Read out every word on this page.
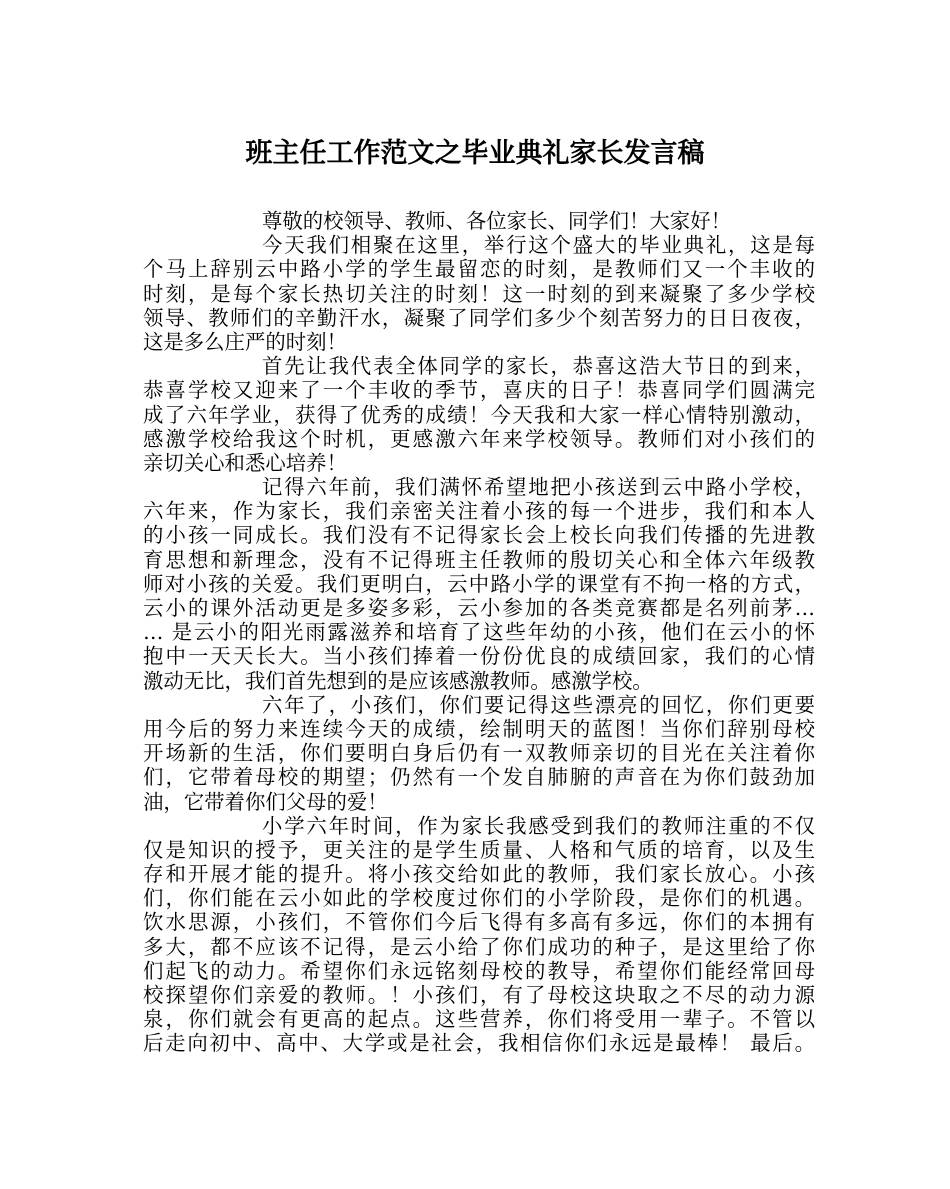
班主任工作范文之毕业典礼家长发言稿
尊敬的校领导、教师、各位家长、同学们！大家好！
今天我们相聚在这里，举行这个盛大的毕业典礼，这是每
个马上辞别云中路小学的学生最留恋的时刻，是教师们又一个丰收的
时刻，是每个家长热切关注的时刻！这一时刻的到来凝聚了多少学校
领导、教师们的辛勤汗水，凝聚了同学们多少个刻苦努力的日日夜夜，
这是多么庄严的时刻！
首先让我代表全体同学的家长，恭喜这浩大节日的到来，
恭喜学校又迎来了一个丰收的季节，喜庆的日子！恭喜同学们圆满完
成了六年学业，获得了优秀的成绩！今天我和大家一样心情特别激动，
感激学校给我这个时机，更感激六年来学校领导。教师们对小孩们的
亲切关心和悉心培养！
记得六年前，我们满怀希望地把小孩送到云中路小学校，
六年来，作为家长，我们亲密关注着小孩的每一个进步，我们和本人
的小孩一同成长。我们没有不记得家长会上校长向我们传播的先进教
育思想和新理念，没有不记得班主任教师的殷切关心和全体六年级教
师对小孩的关爱。我们更明白，云中路小学的课堂有不拘一格的方式，
云小的课外活动更是多姿多彩，云小参加的各类竞赛都是名列前茅…
… 是云小的阳光雨露滋养和培育了这些年幼的小孩，他们在云小的怀
抱中一天天长大。当小孩们捧着一份份优良的成绩回家，我们的心情
激动无比，我们首先想到的是应该感激教师。感激学校。
六年了，小孩们，你们要记得这些漂亮的回忆，你们更要
用今后的努力来连续今天的成绩，绘制明天的蓝图！当你们辞别母校
开场新的生活，你们要明白身后仍有一双教师亲切的目光在关注着你
们，它带着母校的期望；仍然有一个发自肺腑的声音在为你们鼓劲加
油，它带着你们父母的爱！
小学六年时间，作为家长我感受到我们的教师注重的不仅
仅是知识的授予，更关注的是学生质量、人格和气质的培育，以及生
存和开展才能的提升。将小孩交给如此的教师，我们家长放心。小孩
们，你们能在云小如此的学校度过你们的小学阶段，是你们的机遇。
饮水思源，小孩们，不管你们今后飞得有多高有多远，你们的本拥有
多大，都不应该不记得，是云小给了你们成功的种子，是这里给了你
们起飞的动力。希望你们永远铭刻母校的教导，希望你们能经常回母
校探望你们亲爱的教师。！小孩们，有了母校这块取之不尽的动力源
泉，你们就会有更高的起点。这些营养，你们将受用一辈子。不管以
后走向初中、高中、大学或是社会，我相信你们永远是最棒！ 最后。
